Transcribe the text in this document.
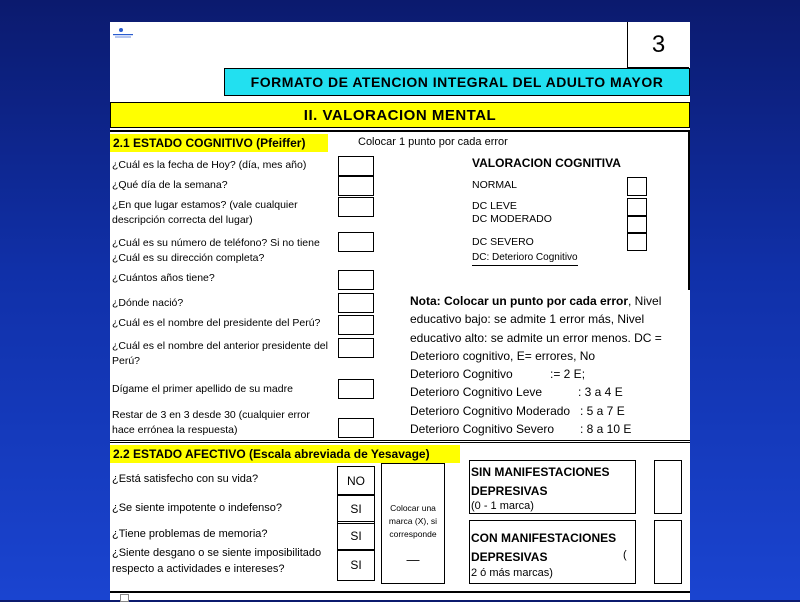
3
FORMATO DE ATENCION INTEGRAL DEL ADULTO MAYOR
II. VALORACION MENTAL
2.1 ESTADO COGNITIVO (Pfeiffer)	Colocar 1 punto por cada error
¿Cuál es la fecha de Hoy? (día, mes año)
¿Qué día de la semana?
¿En que lugar estamos? (vale cualquier descripción correcta del lugar)
¿Cuál es su número de teléfono? Si no tiene ¿Cuál es su dirección completa?
¿Cuántos años tiene?
¿Dónde nació?
¿Cuál es el nombre del presidente del Perú?
¿Cuál es el nombre del anterior presidente del Perú?
Dígame el primer apellido de su madre
Restar de 3 en 3 desde 30 (cualquier error hace errónea la respuesta)
VALORACION COGNITIVA
NORMAL
DC LEVE
DC MODERADO
DC SEVERO
DC: Deterioro Cognitivo
Nota: Colocar un punto por cada error, Nivel educativo bajo: se admite 1 error más, Nivel educativo alto: se admite un error menos. DC = Deterioro cognitivo, E= errores, No
Deterioro Cognitivo	:= 2 E;
Deterioro Cognitivo Leve	: 3 a 4 E
Deterioro Cognitivo Moderado : 5 a 7 E
Deterioro Cognitivo Severo : 8 a 10 E
2.2 ESTADO AFECTIVO (Escala abreviada de Yesavage)
¿Está satisfecho con su vida?	NO
¿Se siente impotente o indefenso?	SI
¿Tiene problemas de memoria?	SI
¿Siente desgano o se siente imposibilitado respecto a actividades e intereses?	SI
Colocar una marca (X), si corresponde
—
SIN MANIFESTACIONES DEPRESIVAS
(0 - 1 marca)
CON MANIFESTACIONES DEPRESIVAS	(
2 ó más marcas)
